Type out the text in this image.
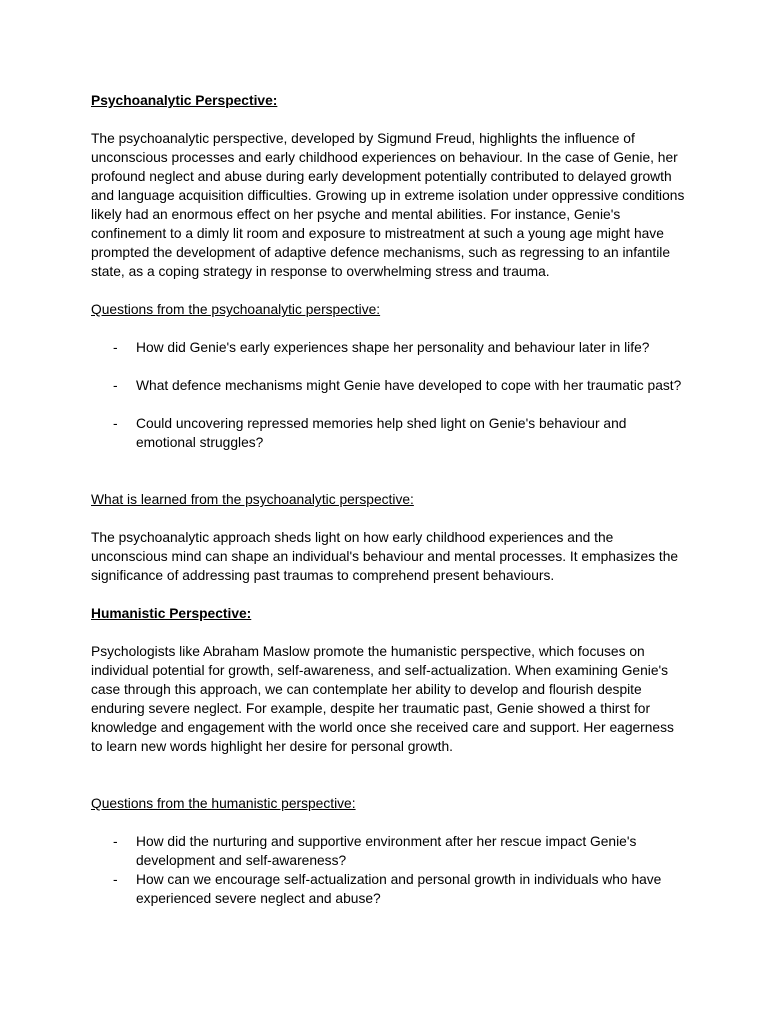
Psychoanalytic Perspective:

The psychoanalytic perspective, developed by Sigmund Freud, highlights the influence of unconscious processes and early childhood experiences on behaviour. In the case of Genie, her profound neglect and abuse during early development potentially contributed to delayed growth and language acquisition difficulties. Growing up in extreme isolation under oppressive conditions likely had an enormous effect on her psyche and mental abilities. For instance, Genie's confinement to a dimly lit room and exposure to mistreatment at such a young age might have prompted the development of adaptive defence mechanisms, such as regressing to an infantile state, as a coping strategy in response to overwhelming stress and trauma.

Questions from the psychoanalytic perspective:

- How did Genie's early experiences shape her personality and behaviour later in life?
- What defence mechanisms might Genie have developed to cope with her traumatic past?
- Could uncovering repressed memories help shed light on Genie's behaviour and emotional struggles?

What is learned from the psychoanalytic perspective:

The psychoanalytic approach sheds light on how early childhood experiences and the unconscious mind can shape an individual's behaviour and mental processes. It emphasizes the significance of addressing past traumas to comprehend present behaviours.

Humanistic Perspective:

Psychologists like Abraham Maslow promote the humanistic perspective, which focuses on individual potential for growth, self-awareness, and self-actualization. When examining Genie's case through this approach, we can contemplate her ability to develop and flourish despite enduring severe neglect. For example, despite her traumatic past, Genie showed a thirst for knowledge and engagement with the world once she received care and support. Her eagerness to learn new words highlight her desire for personal growth.

Questions from the humanistic perspective:

- How did the nurturing and supportive environment after her rescue impact Genie's development and self-awareness?
- How can we encourage self-actualization and personal growth in individuals who have experienced severe neglect and abuse?
